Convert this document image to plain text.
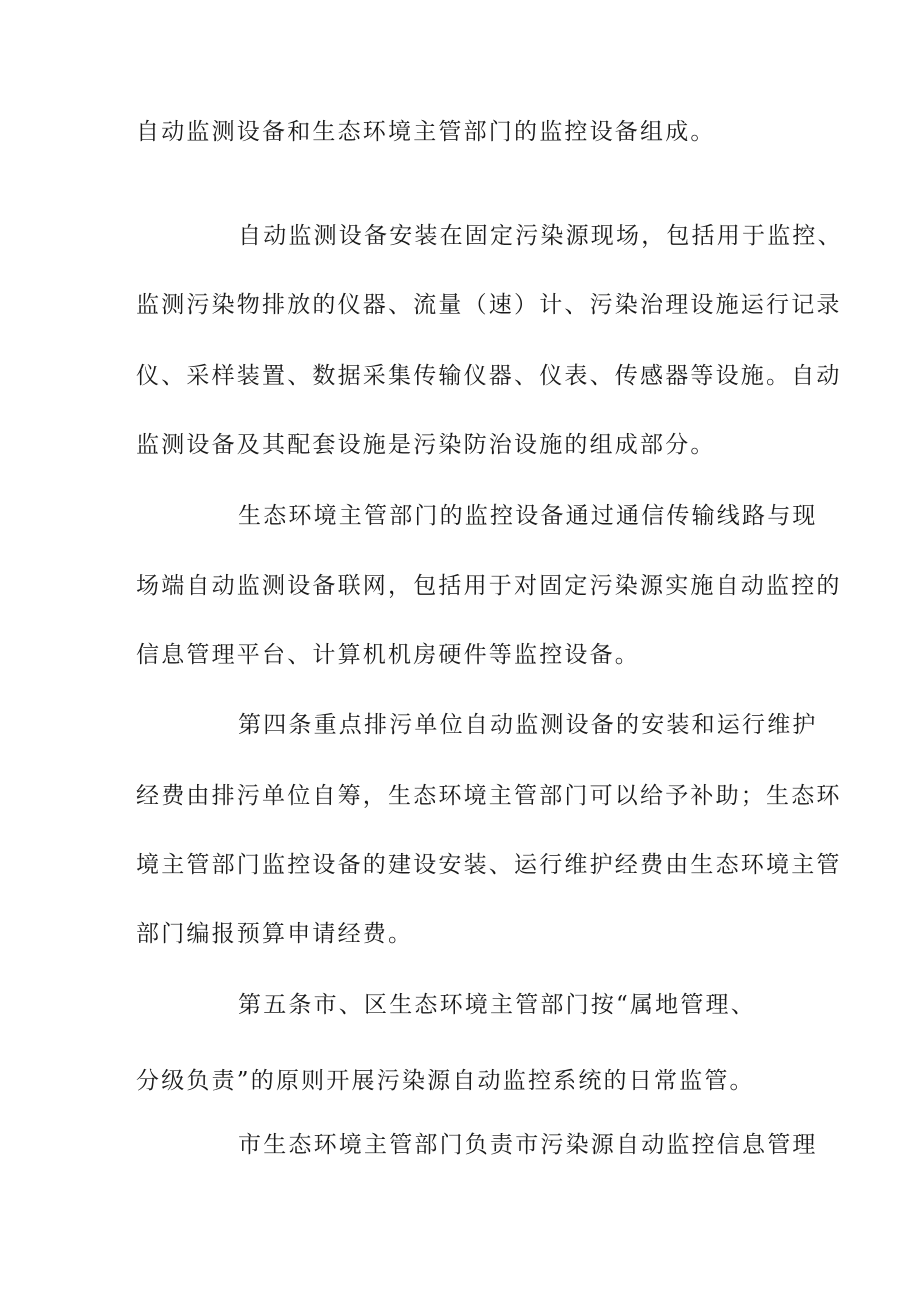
自动监测设备和生态环境主管部门的监控设备组成。
自动监测设备安装在固定污染源现场，包括用于监控、
监测污染物排放的仪器、流量（速）计、污染治理设施运行记录
仪、采样装置、数据采集传输仪器、仪表、传感器等设施。自动
监测设备及其配套设施是污染防治设施的组成部分。
生态环境主管部门的监控设备通过通信传输线路与现
场端自动监测设备联网，包括用于对固定污染源实施自动监控的
信息管理平台、计算机机房硬件等监控设备。
第四条重点排污单位自动监测设备的安装和运行维护
经费由排污单位自筹，生态环境主管部门可以给予补助；生态环
境主管部门监控设备的建设安装、运行维护经费由生态环境主管
部门编报预算申请经费。
第五条市、区生态环境主管部门按“属地管理、
分级负责”的原则开展污染源自动监控系统的日常监管。
市生态环境主管部门负责市污染源自动监控信息管理
